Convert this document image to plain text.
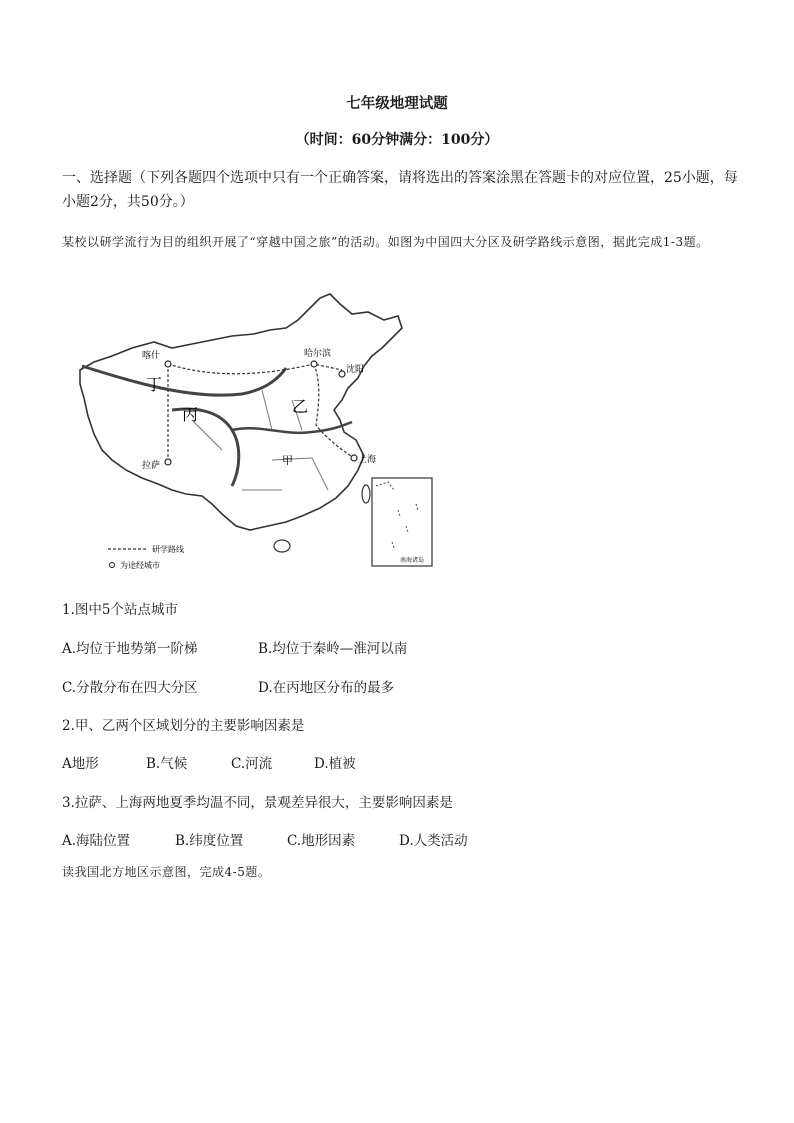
七年级地理试题
（时间：60分钟满分：100分）
一、选择题（下列各题四个选项中只有一个正确答案，请将选出的答案涂黑在答题卡的对应位置，25小题，每小题2分，共50分。）
某校以研学流行为目的组织开展了“穿越中国之旅”的活动。如图为中国四大分区及研学路线示意图，据此完成1-3题。
喀什
拉萨
哈尔滨
沈阳
上海
丁
丙	乙
甲
南海诸岛
研学路线
为途经城市
1.图中5个站点城市
A.均位于地势第一阶梯	B.均位于秦岭—淮河以南
C.分散分布在四大分区	D.在丙地区分布的最多
2.甲、乙两个区域划分的主要影响因素是
A地形	B.气候	C.河流	D.植被
3.拉萨、上海两地夏季均温不同，景观差异很大，主要影响因素是
A.海陆位置	B.纬度位置	C.地形因素	D.人类活动
读我国北方地区示意图，完成4-5题。
